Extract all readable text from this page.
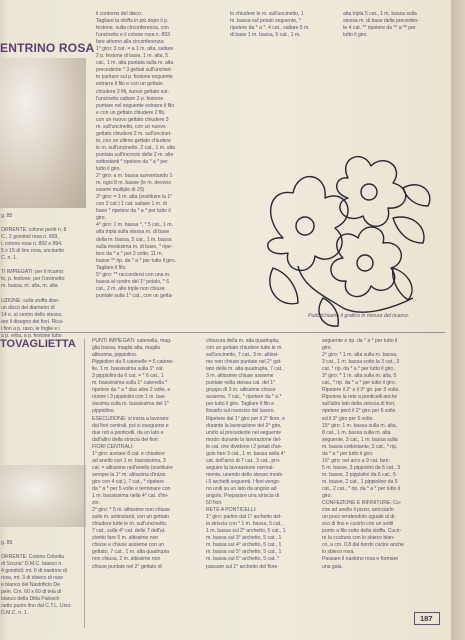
ENTRINO ROSA
g. 85

ORRENTE: colone perlé n. 8
C., 2 gomitoli rosa n. 893,
i, cotone rosa n. 892 e 894.
5 x 15 di lino rosa, uncinetto
C. n. 1.

TI IMPIEGATI: per il ricamo:
to, p. festone; per l'uncinetto
m. bassa, m. alta, m. alta

UZIONE: sulla stoffa dise-
un disco del diametro di
14 e, al centro dello stesso,
are il disegno dei fiori. Rica-
i fiori a p. raso, le foglie e i
a p. erba, a p. festone tutto
il contorno del disco.
Tagliare la stoffa in più dopo il p.
festone, sulla circonferenza, con
l'uncinetto e il cotone rosa n. 893
fare attorno alla circonferenza:
1° giro: 3 cat. = a 1 m. alta, saltare
2 p. festone di base, 1 m. alta, 5
cat., 1 m. alta puntata sulla m. alta
precedente * 3 gettati sull'uncinet-
to puntare sul p. festone seguente
estrarre il filo e con un gettato
chiudere 2 fili, nuovo gettato sul-
l'uncinetto saltare 2 p. festone
puntare nel seguente estrarre il filo
e con un gettato chiudere 2 fili,
con un nuovo gettato chiudere 3
m. sull'uncinetto, con un nuovo
gettato chiudere 2 m. sull'uncinet-
to, con un ultimo gettato chiudere
le m. sull'uncinetto, 2 cat., 1 m. alta
puntata sull'incrocio delle 2 m. alte
sottostanti * ripetere da * a * per
tutto il giro.
2° giro: a m. bassa aumentando 1
m. ogni 8 m. basse (le m. devono
essere multiple di 25)
3° giro: = 1 m. alta (sostituire la 1°
con 3 cat.) 1 cat. saltare 1 m. di
base * ripetere da * a * per tutto il
giro.
4° giro: 1 m. bassa *, * 5 cat., 1 m.
alta tripla sulla stessa m. di base
della m. bassa, 5 cat., 1 m. bassa
sulla medesima m. di base, * ripe-
tere da * a * per 2 volte; 11 m.
basse ** rip. da * a * per tutto il giro.
Tagliare il filo.
5° giro: ** raccordersi con una m.
bassa al centro del 1° petalo, * 6
cat., 2 m. alte triple non chiuse
puntate sulla 1° cat., con un getta-
to chiudere le m. sull'uncinetto, 1
m. bassa sul petalo seguente, *
ripetere da * a *, 4 cat., saltare 5 m.
di base 1 m. bassa, 5 cat., 1 m.
alta tripla 5 cat., 1 m. bassa sulla
stessa m. di base della preceden-
te 4 cat. ** ripetere da ** a ** per
tutto il giro.
Pubblichiamo il grafico in misura del ricamo.
TOVAGLIETTA
g. 85

ORRENTE: Cotone Cebelia
di Scozia" D.M.C. bianco n.
4 gomitoli; mt. 6 di nastrino di
rosa, mt. 3 di sbieco di raso
e bianco del Nastrificio De
pein. Cm. 60 x 60 di tela di
bianco della Ditta Palosch
netto punto lino dal C.T.L. Unci-
D.M.C. n. 1.
PUNTI IMPIEGATI: catenella, mag-
glia bassa, maglia alta, maglia
altissima, pippiolino.
Pippiolino da 5 catenelle = 5 catene-
lle, 1 m. bassissima sulla 1° cat.
3 pippiolini da 6 cat. = * 6 cat., 1
m. bassissima sulla 1° catenella *
ripetere da * a * due altre 2 volte, e
riunire i 3 pippiolini con 1 m. bas-
sissima sulla m. bassissima del 1°
pippiolino.
ESECUZIONE: si inizia a lavorare
dai fiori centrali, poi si eseguono e
due reti a ponticelli, da un lato e
dall'altro della striscia dei fiori.
FIORI CENTRALI:
1° giro: avviare 8 cat. e chiudere
ad anello con 1 m. bassissima, 3
cat. = altissime nell'anello (sostituire
sempre la 1° m. altissima d'inizio
giro con 4 cat.), 7 cat., * ripetere
da * a * per 5 volte e terminare con
1 m. bassissima nella 4° cat. d'ini-
zio.
2° giro: * 5 m. altissime non chiuse
sulle m. sottostanti, con un gettato
chiudere tutte le m. sull'uncinetto,
7 cat., sulla 4° cat. delle 7 dell'al-
chetto fare 5 m. altissime non
chiuse e chiuse assieme con un
gettato, 7 cat., 1 m. alta quadrupla
non chiusa, 2 m. altissime non
chiuse puntate nel 2° gettato di
chiusura della m. alta quadrupla,
con un gettato chiudere tutte le m.
sull'uncinetto, 7 cat., 3 m. altissi-
me non chiuse puntate nel 2° get-
tato della m. alta quadrupla, 7 cat.,
3 m. altissime chiuse assieme
puntate nella stessa cat. del 1°
gruppo di 3 m. altissime chiuse
assieme, 7 cat., * ripetere da * a *
per tutto il giro. Tagliare il filo e
fissarlo sul rovescio del lavoro.
Ripetere dal 1° giro per il 2° fiore, e
durante la lavorazione del 2° giro,
unirlo al precedente nel seguente
modo: durante la lavorazione del-
le cat. che dividono i 2 petali d'an-
golo fare 3 cat., 1 m. bassa nella 4°
cat. dell'arco di 7 cat., 3 cat., pro-
seguire la lavorazione normal-
mente, unendo dello stesso modo
i 5 archetti seguenti. I fiori vengo-
no uniti su un lato da angolo ad
angolo. Preparare una striscia di
50 fiori.
RETE A PONTICELLI:
1° giro: partire dal 1° archetto del-
la striscia con * 1 m. bassa, 5 cat.,
1 m. bassa sul 2° archetto, 5 cat., 1
m. bassa sul 3° archetto, 5 cat., 1
m. bassa sul 4° archetto, 5 cat., 1
m. bassa sul 5° archetto, 5 cat., 1
m. bassa sul 6° archetto, 5 cat. *
passare sul 1° archetto del fiore
seguente e rip. da * a * per tutto il
giro.
2° giro: * 1 m. alta sulla m. bassa,
3 cat., 1 m. bassa sotto la 3 cat., 3
cat. * rip. da * a * per tutto il giro.
3° giro: * 1 m. alta sulla m. alta, 5
cat., * rip. da * a * per tutto il giro.
Ripetere il 2° e il 3° gir. per 3 volte.
Ripetere la rete a ponticelli anche
sull'altro lato della striscia di fiori,
ripetere però il 2° giro per 6 volte
ed il 3° giro per 5 volte.
15° giro: 1 m. bassa sulla m. alta,
8 cat., 1 m. bassa sulla m. alta
seguente, 3 cat., 1 m. bassa sulla
m. bassa sottostante, 3 cat., * rip.
da * a * per tutto il giro.
16° giro: nel arco a 9 cat. fare:
5 m. basse, 3 pippiolini da 6 cat., 3
m. basse, 3 pippiolini da 6 cat., 5
m. basse, 2 cat., 1 pippiolino da 5
cat., 2 cat., * rip. da * a * per tutto il
giro.
CONFEZIONE E RIFINITURE: Cu-
cire ad anello il pizzo, arricciarlo
un poco rendendolo uguale al di-
sco di lino e cucirlo con un sottil
punto a filo sotto della stoffa. Cucir-
re la cucitura con lo sbieco bian-
co, a cm. 0,8 dal bordo cucire anche
lo sbieco rosa.
Passare il nastrino rosa e formare
una gala.
187
